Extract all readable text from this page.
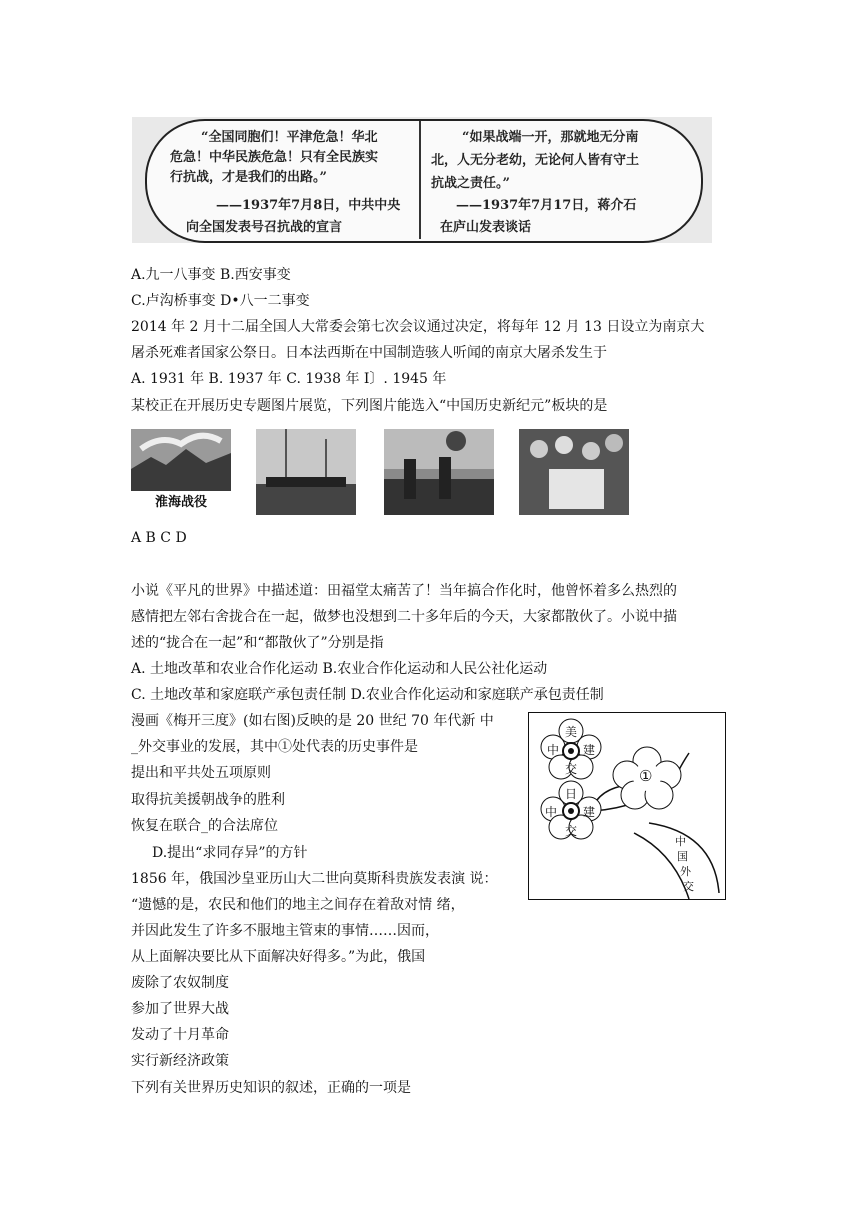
“全国同胞们！平津危急！华北
危急！中华民族危急！只有全民族实
行抗战，才是我们的出路。”
——1937年7月8日，中共中央
向全国发表号召抗战的宣言
“如果战端一开，那就地无分南
北，人无分老幼，无论何人皆有守土
抗战之责任。”
——1937年7月17日，蒋介石
在庐山发表谈话
A.九一八事变 B.西安事变
C.卢沟桥事变 D•八一二事变
2014 年 2 月十二届全国人大常委会第七次会议通过决定，将每年 12 月 13 日设立为南京大
屠杀死难者国家公祭日。日本法西斯在中国制造骇人听闻的南京大屠杀发生于
A. 1931 年 B. 1937 年 C. 1938 年 I〕. 1945 年
某校正在开展历史专题图片展览，下列图片能选入“中国历史新纪元”板块的是
淮海战役
A B C D
小说《平凡的世界》中描述道：田福堂太痛苦了！当年搞合作化时，他曾怀着多么热烈的
感情把左邻右舍拢合在一起，做梦也没想到二十多年后的今天，大家都散伙了。小说中描
述的“拢合在一起”和“都散伙了”分别是指
A. 土地改革和农业合作化运动 B.农业合作化运动和人民公社化运动
C. 土地改革和家庭联产承包责任制 D.农业合作化运动和家庭联产承包责任制
漫画《梅开三度》(如右图)反映的是 20 世纪 70 年代新 中
_外交事业的发展，其中①处代表的历史事件是
提出和平共处五项原则
取得抗美援朝战争的胜利
恢复在联合_的合法席位
D.提出“求同存异”的方针
美
中 建
交
日
中 建
交
①
中
国
外
交
1856 年，俄国沙皇亚历山大二世向莫斯科贵族发表演 说：
“遗憾的是，农民和他们的地主之间存在着敌对情 绪，
并因此发生了许多不服地主管束的事情……因而，
从上面解决要比从下面解决好得多。”为此，俄国
废除了农奴制度
参加了世界大战
发动了十月革命
实行新经济政策
下列有关世界历史知识的叙述，正确的一项是
